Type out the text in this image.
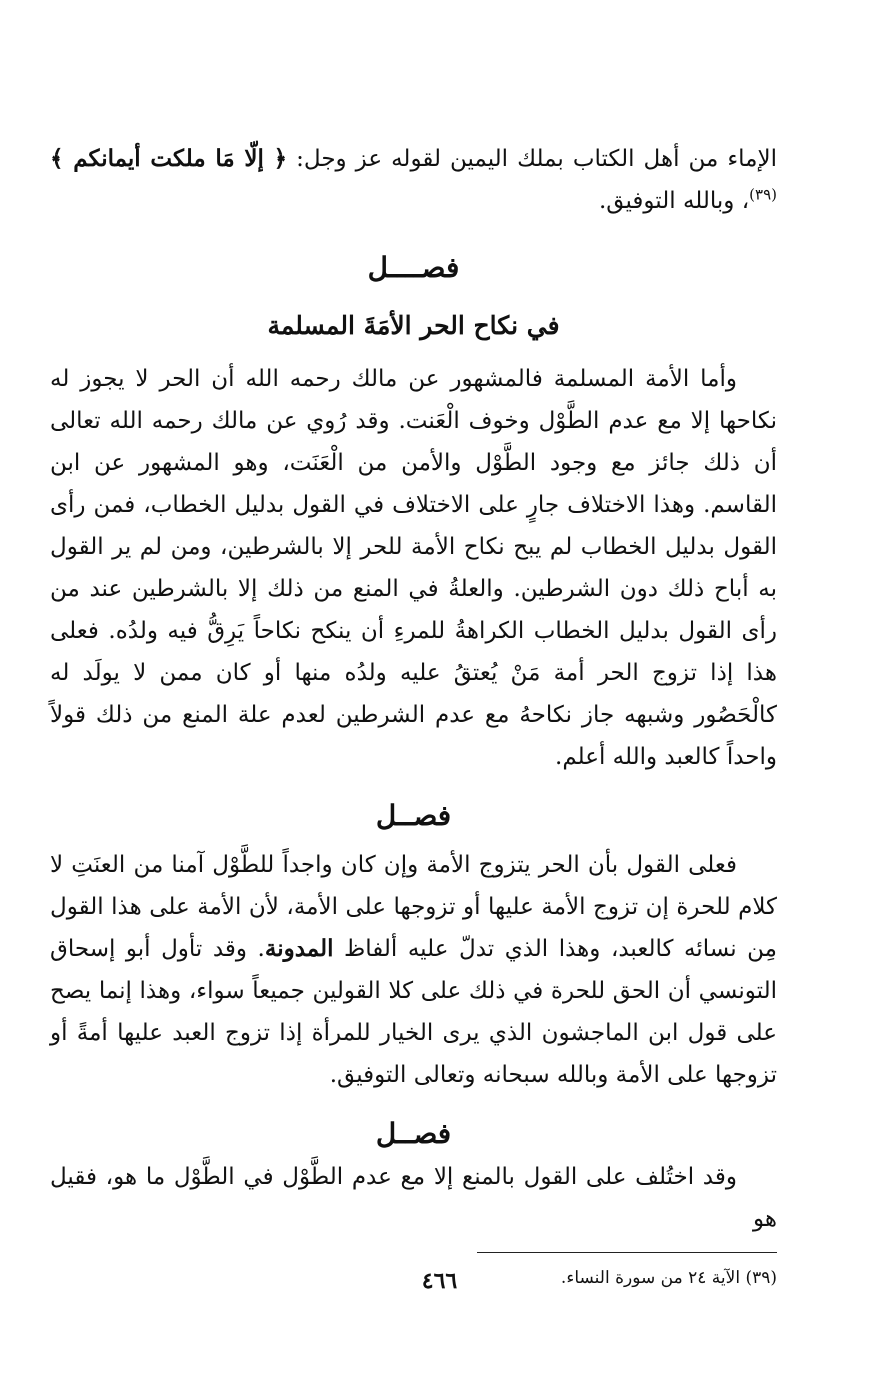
الإماء من أهل الكتاب بملك اليمين لقوله عز وجل: ﴿ إلّا مَا ملكت أيمانكم ﴾$^{(٣٩)}$، وبالله التوفيق.

فصــــل
في نكاح الحر الأمَةَ المسلمة

وأما الأمة المسلمة فالمشهور عن مالك رحمه الله أن الحر لا يجوز له نكاحها إلا مع عدم الطَّوْل وخوف الْعَنت. وقد رُوي عن مالك رحمه الله تعالى أن ذلك جائز مع وجود الطَّوْل والأمن من الْعَنَت، وهو المشهور عن ابن القاسم. وهذا الاختلاف جارٍ على الاختلاف في القول بدليل الخطاب، فمن رأى القول بدليل الخطاب لم يبح نكاح الأمة للحر إلا بالشرطين، ومن لم ير القول به أباح ذلك دون الشرطين. والعلةُ في المنع من ذلك إلا بالشرطين عند من رأى القول بدليل الخطاب الكراهةُ للمرءِ أن ينكح نكاحاً يَرِقُّ فيه ولدُه. فعلى هذا إذا تزوج الحر أمة مَنْ يُعتقُ عليه ولدُه منها أو كان ممن لا يولَد له كالْحَصُور وشبهه جاز نكاحهُ مع عدم الشرطين لعدم علة المنع من ذلك قولاً واحداً كالعبد والله أعلم.

فصــل

فعلى القول بأن الحر يتزوج الأمة وإن كان واجداً للطَّوْل آمنا من العنَتِ لا كلام للحرة إن تزوج الأمة عليها أو تزوجها على الأمة، لأن الأمة على هذا القول مِن نسائه كالعبد، وهذا الذي تدلّ عليه ألفاظ المدونة. وقد تأول أبو إسحاق التونسي أن الحق للحرة في ذلك على كلا القولين جميعاً سواء، وهذا إنما يصح على قول ابن الماجشون الذي يرى الخيار للمرأة إذا تزوج العبد عليها أمةً أو تزوجها على الأمة وبالله سبحانه وتعالى التوفيق.

فصــل

وقد اختُلف على القول بالمنع إلا مع عدم الطَّوْل في الطَّوْل ما هو، فقيل هو

(٣٩) الآية ٢٤ من سورة النساء.

٤٦٦
